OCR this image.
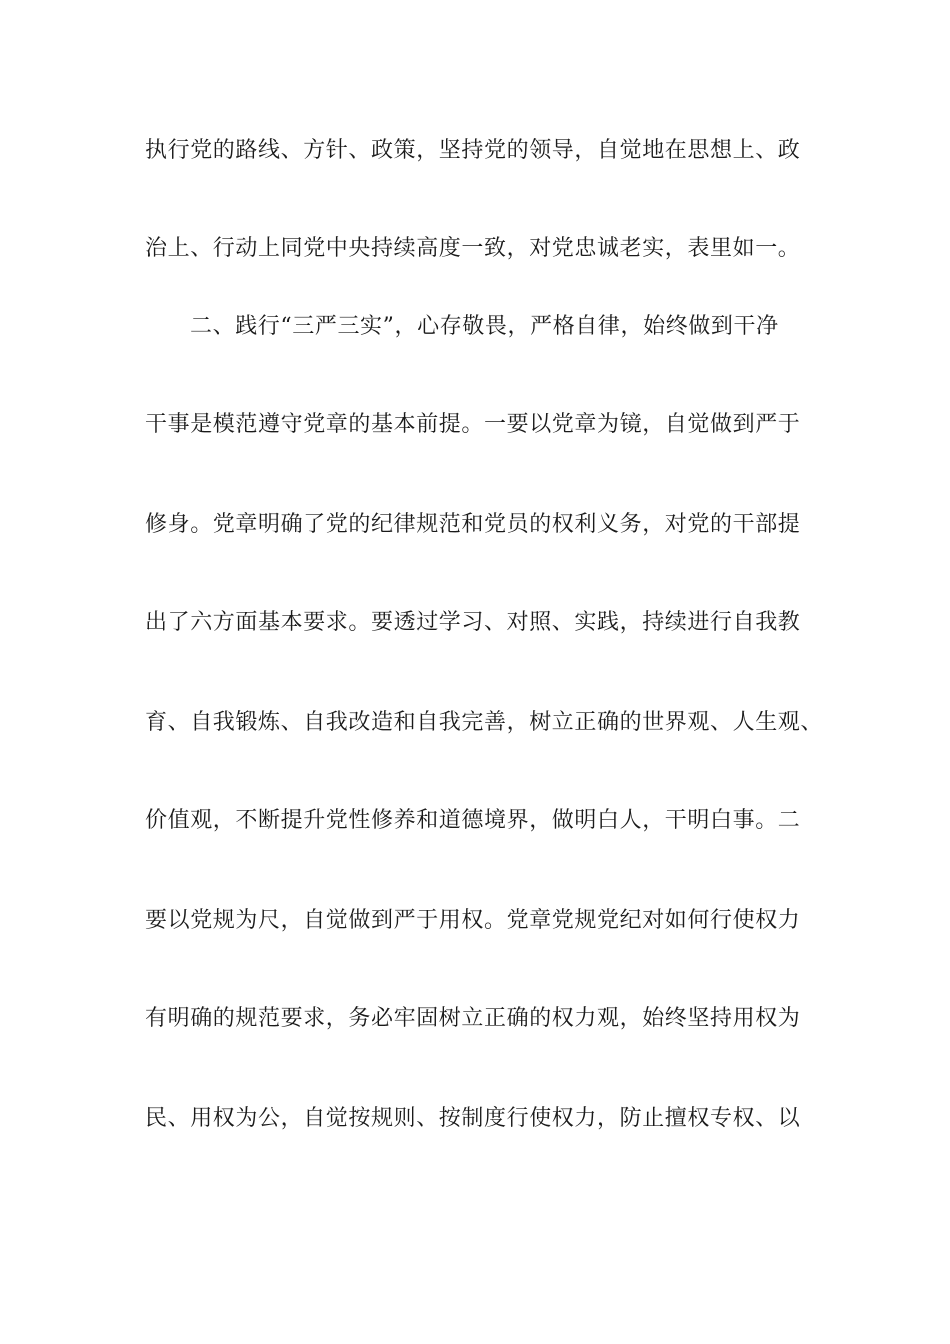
执行党的路线、方针、政策，坚持党的领导，自觉地在思想上、政
治上、行动上同党中央持续高度一致，对党忠诚老实，表里如一。
二、践行“三严三实”，心存敬畏，严格自律，始终做到干净
干事是模范遵守党章的基本前提。一要以党章为镜，自觉做到严于
修身。党章明确了党的纪律规范和党员的权利义务，对党的干部提
出了六方面基本要求。要透过学习、对照、实践，持续进行自我教
育、自我锻炼、自我改造和自我完善，树立正确的世界观、人生观、
价值观，不断提升党性修养和道德境界，做明白人，干明白事。二
要以党规为尺，自觉做到严于用权。党章党规党纪对如何行使权力
有明确的规范要求，务必牢固树立正确的权力观，始终坚持用权为
民、用权为公，自觉按规则、按制度行使权力，防止擅权专权、以
